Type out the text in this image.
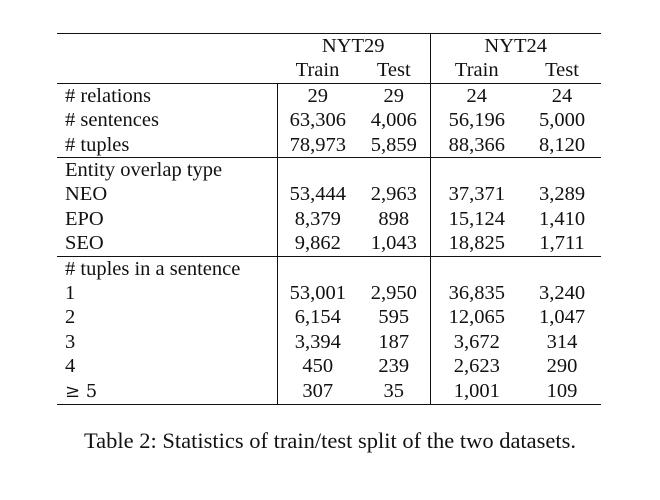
	NYT29		NYT24	
	Train	Test	Train	Test
# relations	29	29	24	24
# sentences	63,306	4,006	56,196	5,000
# tuples	78,973	5,859	88,366	8,120
Entity overlap type				
NEO	53,444	2,963	37,371	3,289
EPO	8,379	898	15,124	1,410
SEO	9,862	1,043	18,825	1,711
# tuples in a sentence				
1	53,001	2,950	36,835	3,240
2	6,154	595	12,065	1,047
3	3,394	187	3,672	314
4	450	239	2,623	290
≥ 5	307	35	1,001	109
Table 2: Statistics of train/test split of the two datasets.
